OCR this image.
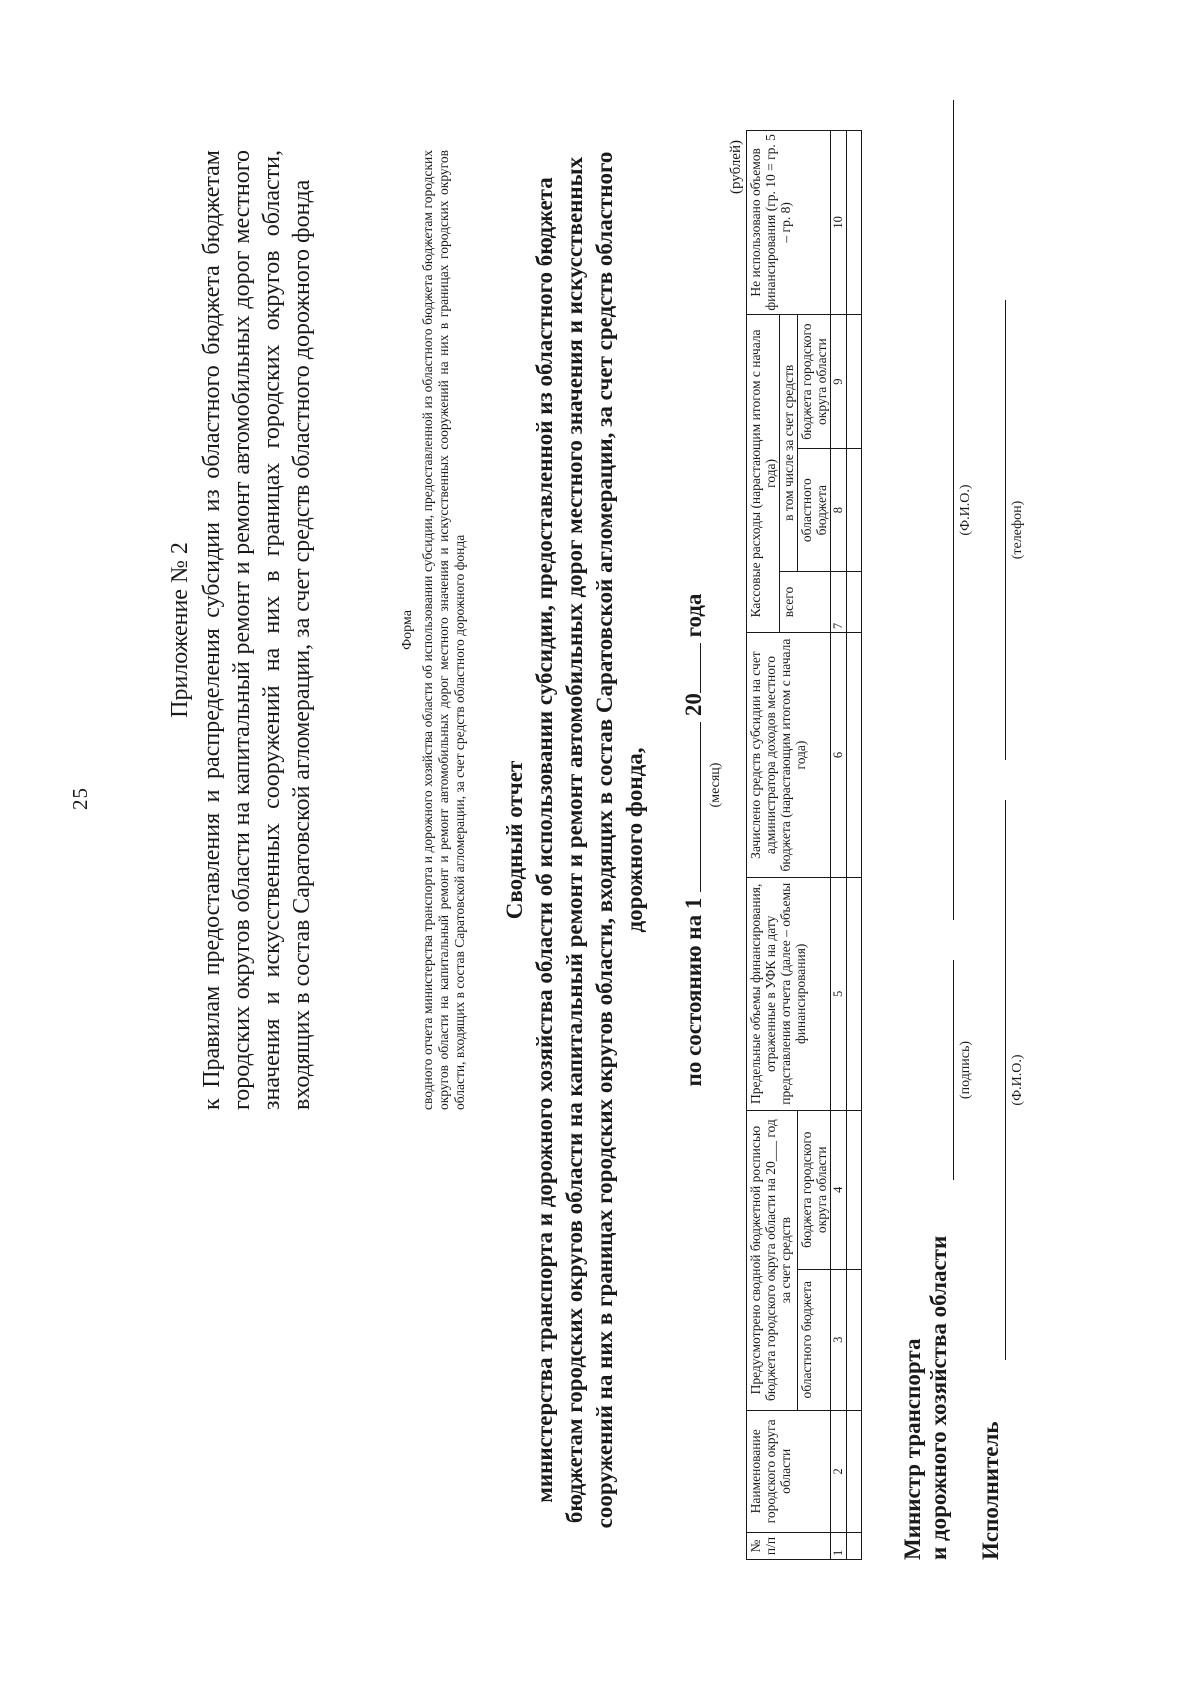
25
Приложение № 2 к Правилам предоставления и распределения субсидии из областного бюджета бюджетам городских округов области на капитальный ремонт и ремонт автомобильных дорог местного значения и искусственных сооружений на них в границах городских округов области, входящих в состав Саратовской агломерации, за счет средств областного дорожного фонда	Форма сводного отчета министерства транспорта и дорожного хозяйства области об использовании субсидии, предоставленной из областного бюджета бюджетам городских округов области на капитальный ремонт и ремонт автомобильных дорог местного значения и искусственных сооружений на них в границах городских округов области, входящих в состав Саратовской агломерации, за счет средств областного дорожного фонда Сводный отчет министерства транспорта и дорожного хозяйства области об использовании субсидии, предоставленной из областного бюджета бюджетам городских округов области на капитальный ремонт и ремонт автомобильных дорог местного значения и искусственных сооружений на них в границах городских округов области, входящих в состав Саратовской агломерации, за счет средств областного дорожного фонда,
по состоянию на 1  20 года
(месяц)
(рублей)
№ п/п	Наименование городского округа области	Предусмотрено сводной бюджетной росписью бюджета городского округа области на 20___ год за счет средств		Предельные объемы финансирования, отраженные в УФК на дату представления отчета (далее – объемы финансирования)	Зачислено средств субсидии на счет администратора доходов местного бюджета (нарастающим итогом с начала года)	Кассовые расходы (нарастающим итогом с начала года)			Не использовано объемов финансирования (гр. 10 = гр. 5 – гр. 8)
						всего	в том числе за счет средств		
		областного бюджета	бюджета городского округа области				областного бюджета	бюджета городского округа области	
1	2	3	4	5	6	7	8	9	10

Министр транспорта и дорожного хозяйства области
(подпись)
(Ф.И.О.)
Исполнитель
(Ф.И.О.)
(телефон)
